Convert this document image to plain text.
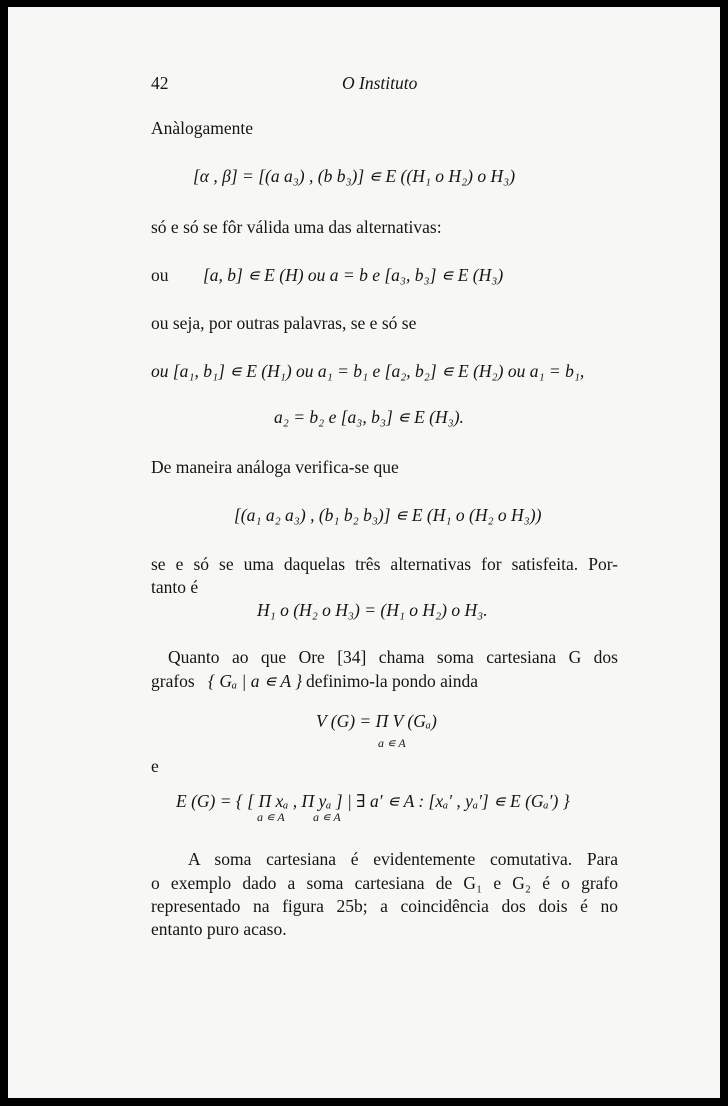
42	O Instituto
Anàlogamente
[α , β] = [(a a₃) , (b b₃)] ∊ E ((H₁ o H₂) o H₃)
só e só se fôr válida uma das alternativas:
ou [a, b] ∊ E (H) ou a = b e [a₃, b₃] ∊ E (H₃)
ou seja, por outras palavras, se e só se
ou [a₁, b₁] ∊ E (H₁) ou a₁ = b₁ e [a₂, b₂] ∊ E (H₂) ou a₁ = b₁,
a₂ = b₂ e [a₃, b₃] ∊ E (H₃).
De maneira análoga verifica-se que
[(a₁ a₂ a₃) , (b₁ b₂ b₃)] ∊ E (H₁ o (H₂ o H₃))
se e só se uma daquelas três alternativas for satisfeita. Por-
tanto é
H₁ o (H₂ o H₃) = (H₁ o H₂) o H₃.
Quanto ao que Ore [34] chama soma cartesiana G dos
grafos { Gₐ | a ∊ A } definimo-la pondo ainda
V (G) = Π V (Gₐ)
a ∊ A
e
E (G) = { [ Π xₐ , Π yₐ ] | ∃ a′ ∊ A : [xₐ′ , yₐ′] ∊ E (Gₐ′) }
a ∊ A a ∊ A
A soma cartesiana é evidentemente comutativa. Para
o exemplo dado a soma cartesiana de G₁ e G₂ é o grafo
representado na figura 25b; a coincidência dos dois é no
entanto puro acaso.
